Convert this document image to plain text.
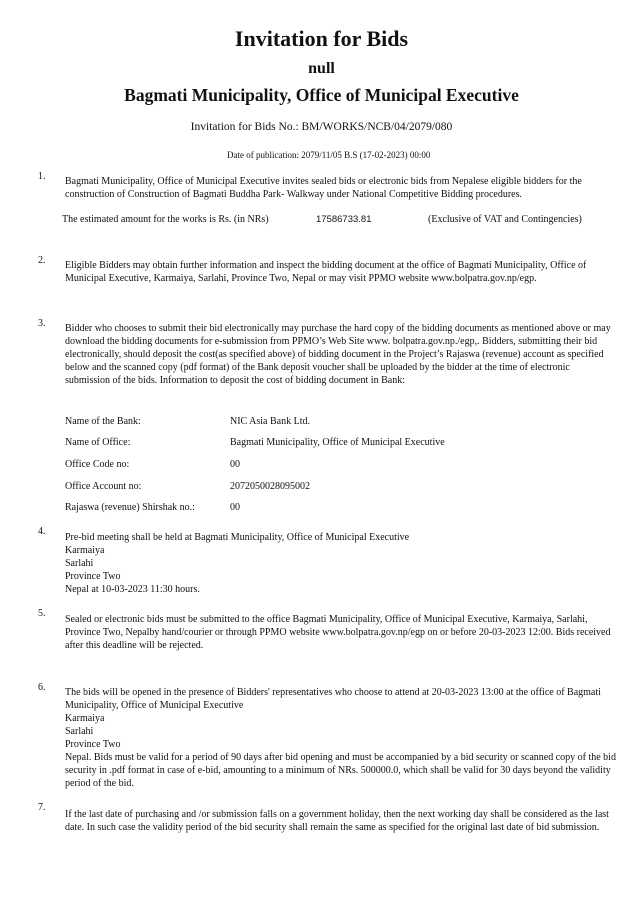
Invitation for Bids
null
Bagmati Municipality, Office of Municipal Executive
Invitation for Bids No.: BM/WORKS/NCB/04/2079/080
Date of publication: 2079/11/05 B.S (17-02-2023) 00:00
1. Bagmati Municipality, Office of Municipal Executive invites sealed bids or electronic bids from Nepalese eligible bidders for the construction of Construction of Bagmati Buddha Park- Walkway under National Competitive Bidding procedures.
The estimated amount for the works is Rs. (in NRs)	17586733.81	(Exclusive of VAT and Contingencies)
2. Eligible Bidders may obtain further information and inspect the bidding document at the office of Bagmati Municipality, Office of Municipal Executive, Karmaiya, Sarlahi, Province Two, Nepal or may visit PPMO website www.bolpatra.gov.np/egp.
3. Bidder who chooses to submit their bid electronically may purchase the hard copy of the bidding documents as mentioned above or may download the bidding documents for e-submission from PPMO’s Web Site www. bolpatra.gov.np./egp,. Bidders, submitting their bid electronically, should deposit the cost(as specified above) of bidding document in the Project’s Rajaswa (revenue) account as specified below and the scanned copy (pdf format) of the Bank deposit voucher shall be uploaded by the bidder at the time of electronic submission of the bids. Information to deposit the cost of bidding document in Bank:
Name of the Bank:	NIC Asia Bank Ltd.
Name of Office:	Bagmati Municipality, Office of Municipal Executive
Office Code no:	00
Office Account no:	2072050028095002
Rajaswa (revenue) Shirshak no.:	00
4.

Pre-bid meeting shall be held at Bagmati Municipality, Office of Municipal Executive

Karmaiya

Sarlahi

Province Two

Nepal at 10-03-2023 11:30 hours.

5.
Sealed or electronic bids must be submitted to the office Bagmati Municipality, Office of Municipal Executive, Karmaiya, Sarlahi, Province Two, Nepalby hand/courier or through PPMO website www.bolpatra.gov.np/egp on or before 20-03-2023 12:00. Bids received after this deadline will be rejected.
6. The bids will be opened in the presence of Bidders' representatives who choose to attend at 20-03-2023 13:00 at the office of Bagmati Municipality, Office of Municipal Executive

Karmaiya

Sarlahi

Province Two

Nepal. Bids must be valid for a period of 90 days after bid opening and must be accompanied by a bid security or scanned copy of the bid security in .pdf format in case of e-bid, amounting to a minimum of NRs. 500000.0, which shall be valid for 30 days beyond the validity period of the bid.

7.
If the last date of purchasing and /or submission falls on a government holiday, then the next working day shall be considered as the last date. In such case the validity period of the bid security shall remain the same as specified for the original last date of bid submission.
